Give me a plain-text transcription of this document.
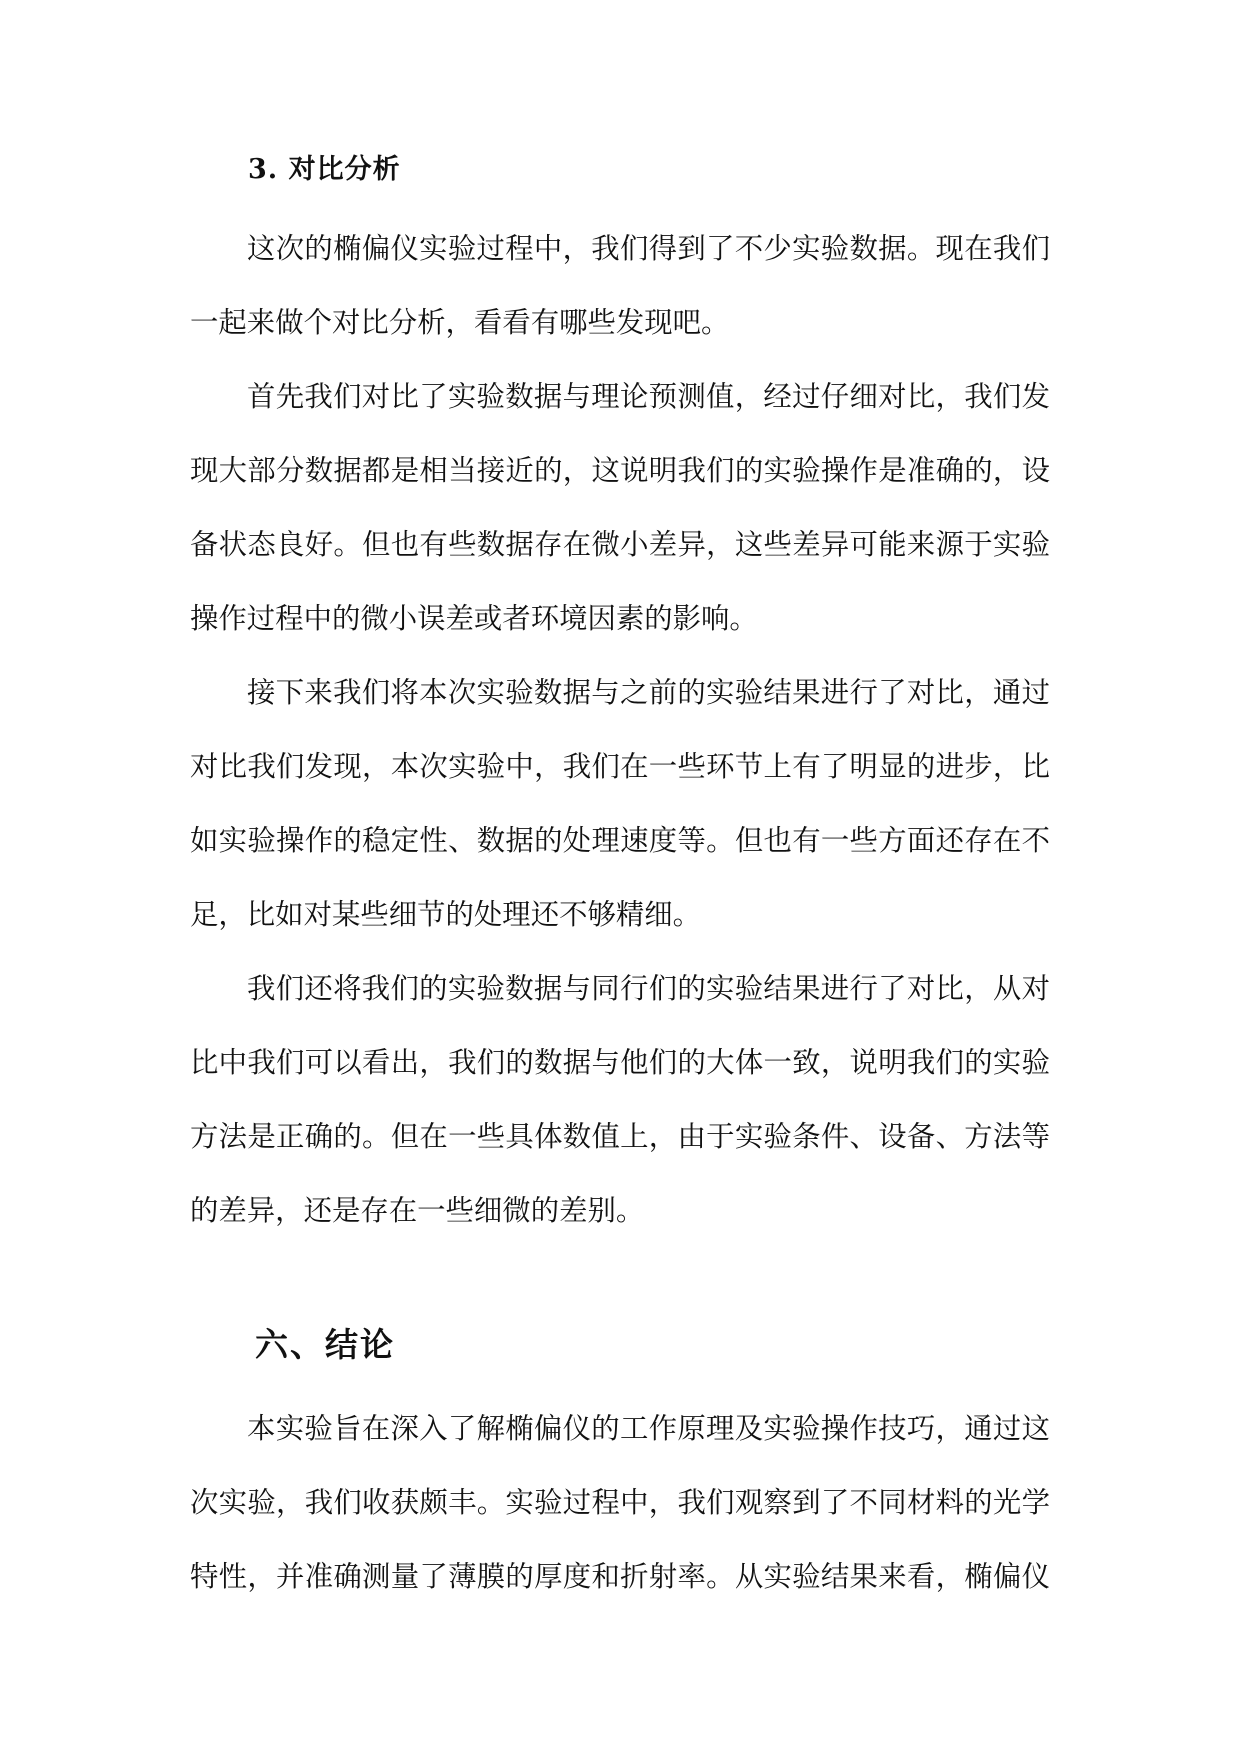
3. 对比分析

这次的椭偏仪实验过程中，我们得到了不少实验数据。现在我们

一起来做个对比分析，看看有哪些发现吧。

首先我们对比了实验数据与理论预测值，经过仔细对比，我们发

现大部分数据都是相当接近的，这说明我们的实验操作是准确的，设

备状态良好。但也有些数据存在微小差异，这些差异可能来源于实验

操作过程中的微小误差或者环境因素的影响。

接下来我们将本次实验数据与之前的实验结果进行了对比，通过

对比我们发现，本次实验中，我们在一些环节上有了明显的进步，比

如实验操作的稳定性、数据的处理速度等。但也有一些方面还存在不

足，比如对某些细节的处理还不够精细。

我们还将我们的实验数据与同行们的实验结果进行了对比，从对

比中我们可以看出，我们的数据与他们的大体一致，说明我们的实验

方法是正确的。但在一些具体数值上，由于实验条件、设备、方法等

的差异，还是存在一些细微的差别。

六、结论

本实验旨在深入了解椭偏仪的工作原理及实验操作技巧，通过这

次实验，我们收获颇丰。实验过程中，我们观察到了不同材料的光学

特性，并准确测量了薄膜的厚度和折射率。从实验结果来看，椭偏仪
